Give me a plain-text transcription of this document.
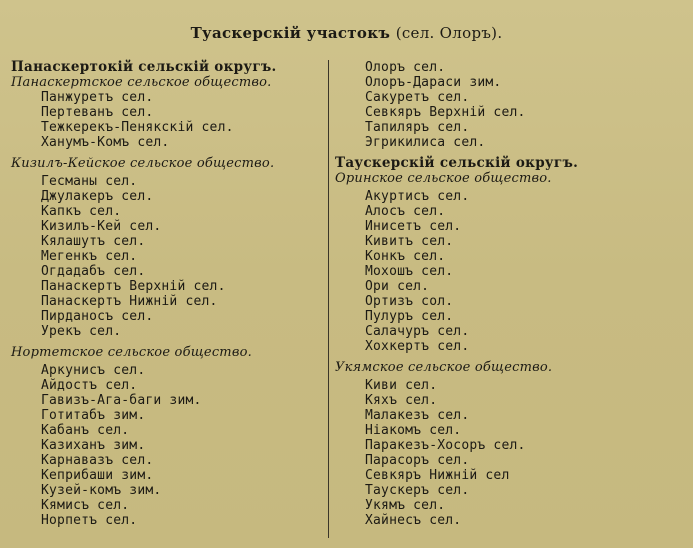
Туаскерскій участокъ (сел. Олоръ).
Панаскертокій сельскій округъ.
Панаскертское сельское общество.
Панжуретъ сел.
Пертеванъ сел.
Тежкерекъ-Пенякскій сел.
Ханумъ-Комъ сел.
Кизилъ-Кейское сельское общество.
Гесманы сел.
Джулакеръ сел.
Капкъ сел.
Кизилъ-Кей сел.
Кялашутъ сел.
Мегенкъ сел.
Огдадабъ сел.
Панаскертъ Верхній сел.
Панаскертъ Нижній сел.
Пирданосъ сел.
Урекъ сел.
Нортетское сельское общество.
Аркунисъ сел.
Айдостъ сел.
Гавизъ-Ага-баги зим.
Готитабъ зим.
Кабанъ сел.
Казиханъ зим.
Карнавазъ сел.
Кеприбаши зим.
Кузей-комъ зим.
Кямисъ сел.
Норпетъ сел.
Олоръ сел.
Олоръ-Дараси зим.
Сакуретъ сел.
Севкяръ Верхній сел.
Тапиляръ сел.
Эгрикилиса сел.
Таускерскій сельскій округъ.
Оринское сельское общество.
Акуртисъ сел.
Алосъ сел.
Инисетъ сел.
Кивитъ сел.
Конкъ сел.
Мохошъ сел.
Ори сел.
Ортизъ сол.
Пулуръ сел.
Салачуръ сел.
Хохкертъ сел.
Укямское сельское общество.
Киви сел.
Кяхъ сел.
Малакезъ сел.
Ніакомъ сел.
Паракезъ-Хосоръ сел.
Парасоръ сел.
Севкяръ Нижній сел
Таускеръ сел.
Укямъ сел.
Хайнесъ сел.
